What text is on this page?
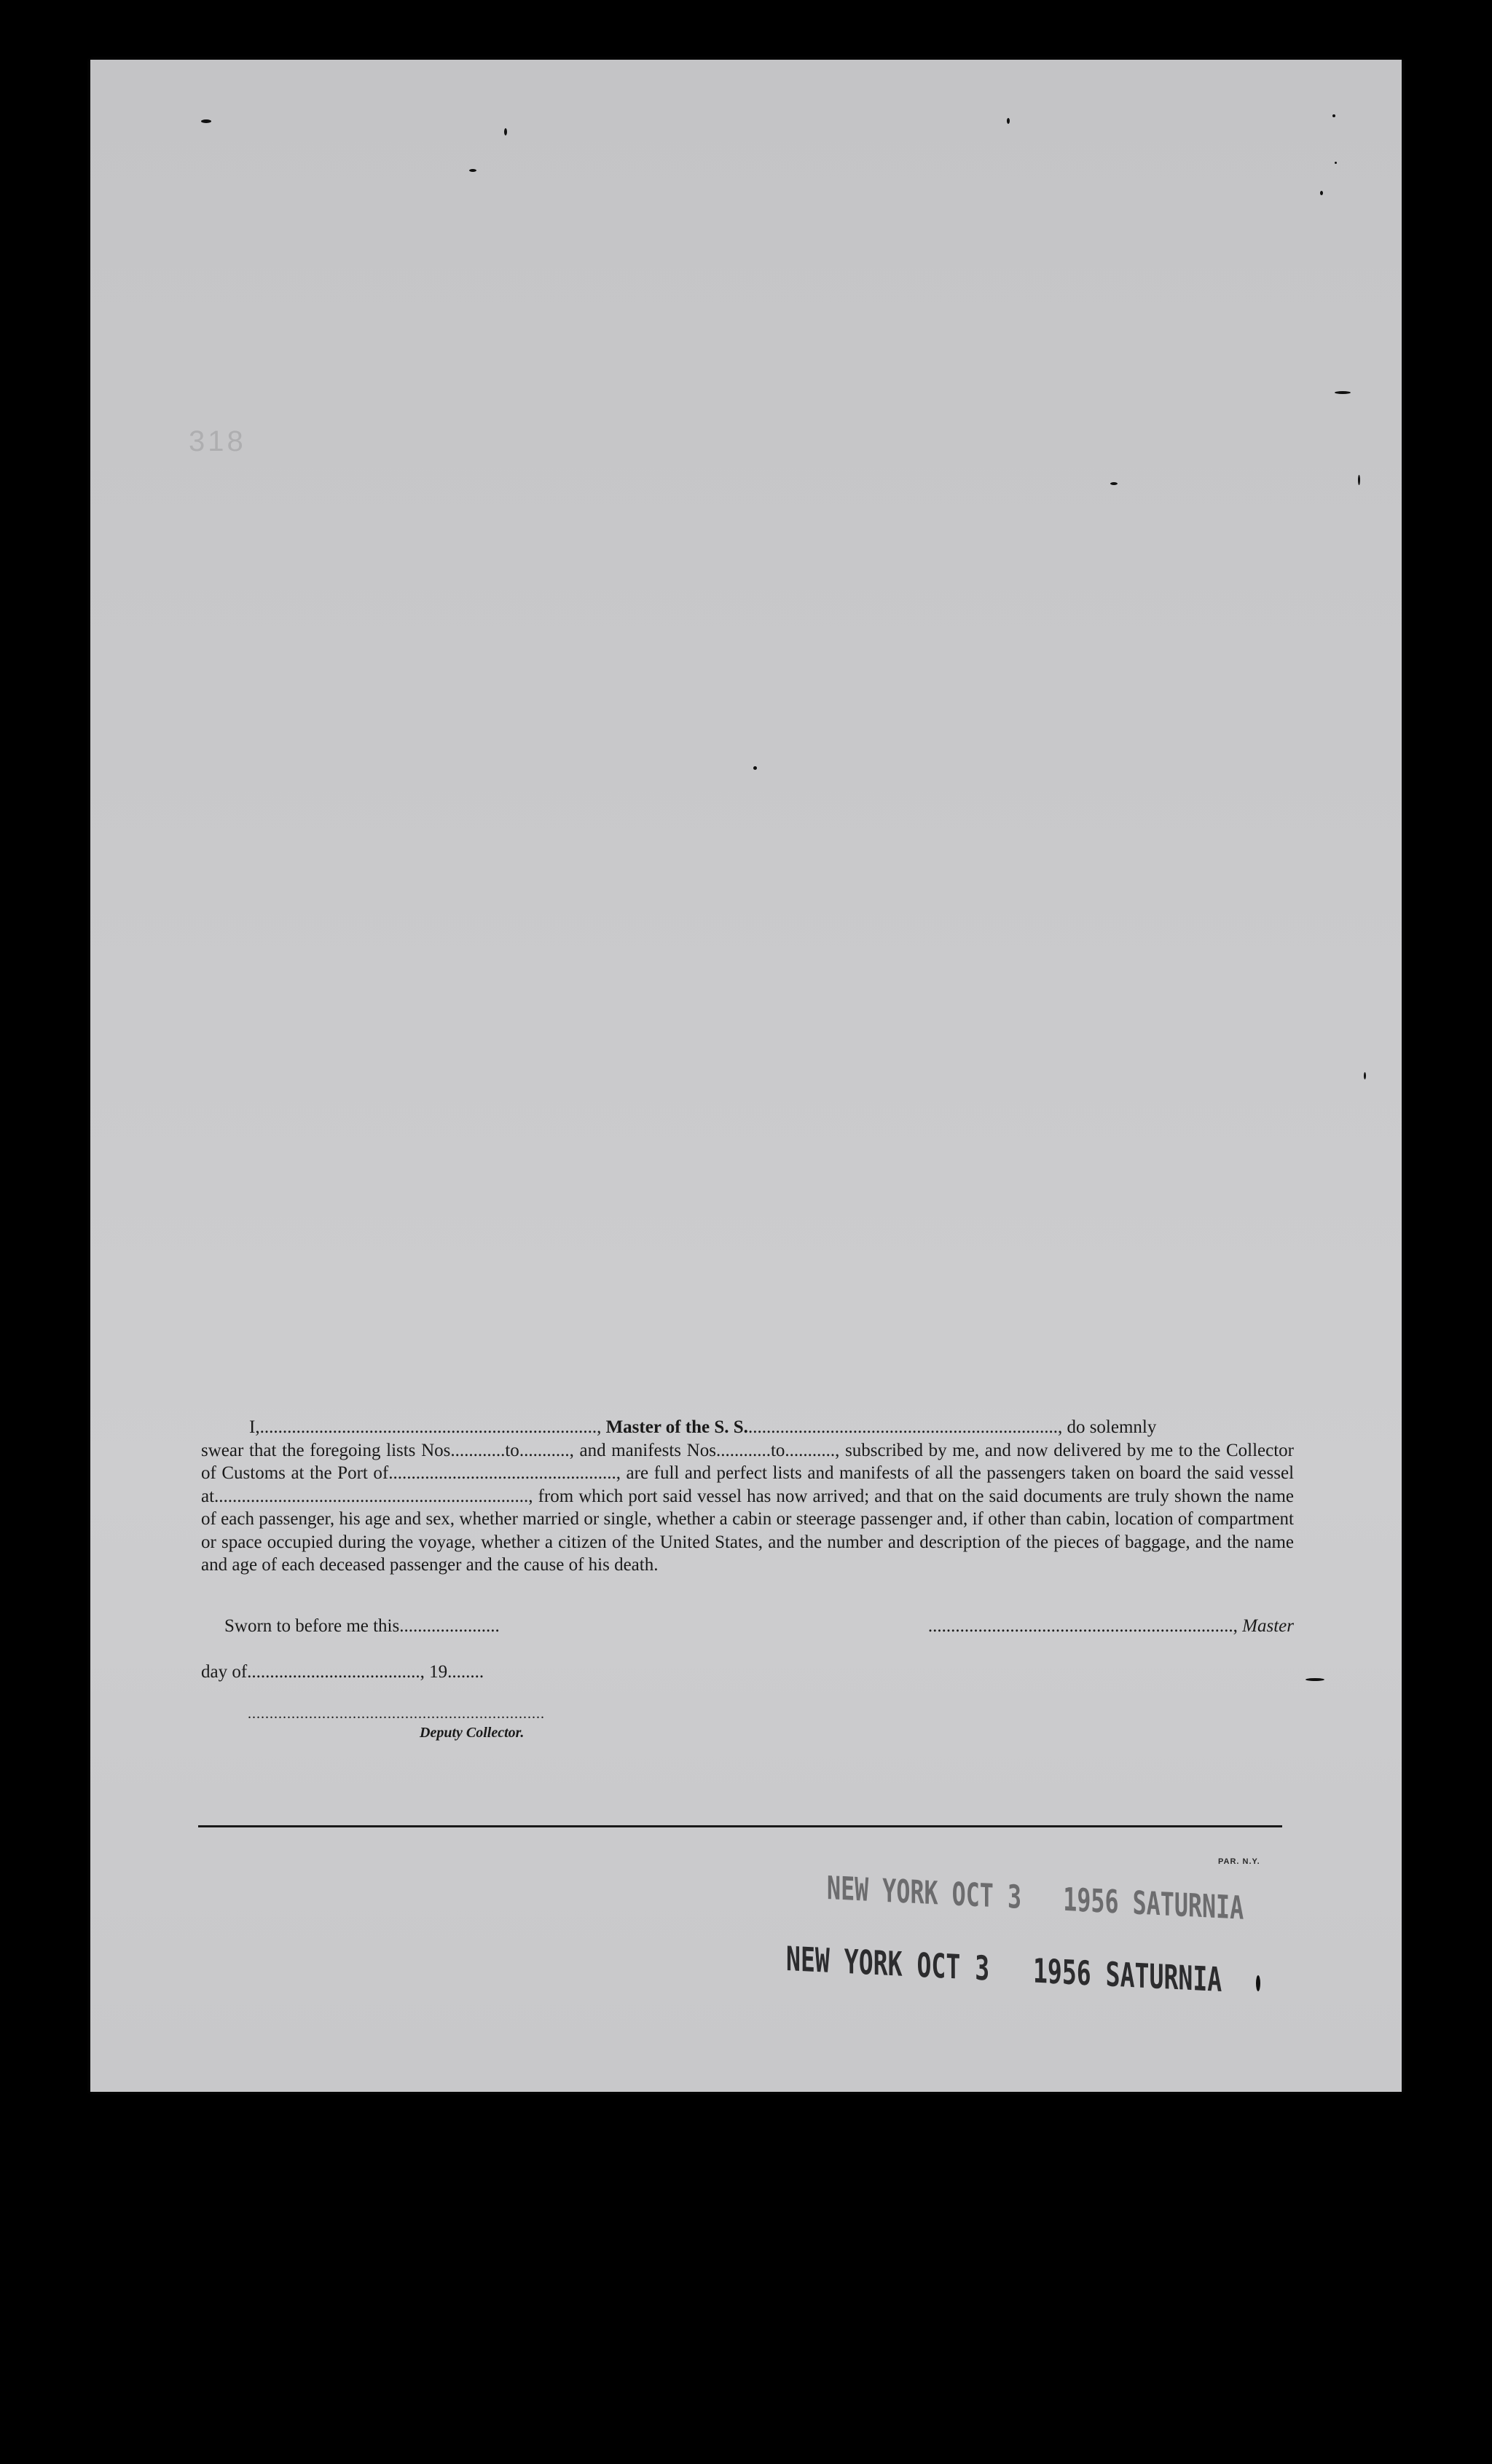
318

I,.........................................................................., Master of the S. S....................................................................., do solemnly

swear that the foregoing lists Nos............to..........., and manifests Nos............to..........., subscribed by me, and now delivered by me to the Collector of Customs at the Port of.................................................., are full and perfect lists and manifests of all the passengers taken on board the said vessel at....................................................................., from which port said vessel has now arrived; and that on the said documents are truly shown the name of each passenger, his age and sex, whether married or single, whether a cabin or steerage passenger and, if other than cabin, location of compartment or space occupied during the voyage, whether a citizen of the United States, and the number and description of the pieces of baggage, and the name and age of each deceased passenger and the cause of his death.
Sworn to before me this......................	..................................................................., Master
day of......................................, 19........
....................................................................
Deputy Collector.
PAR. N.Y.
NEW YORK OCT 3   1956 SATURNIA
NEW YORK OCT 3   1956 SATURNIA
